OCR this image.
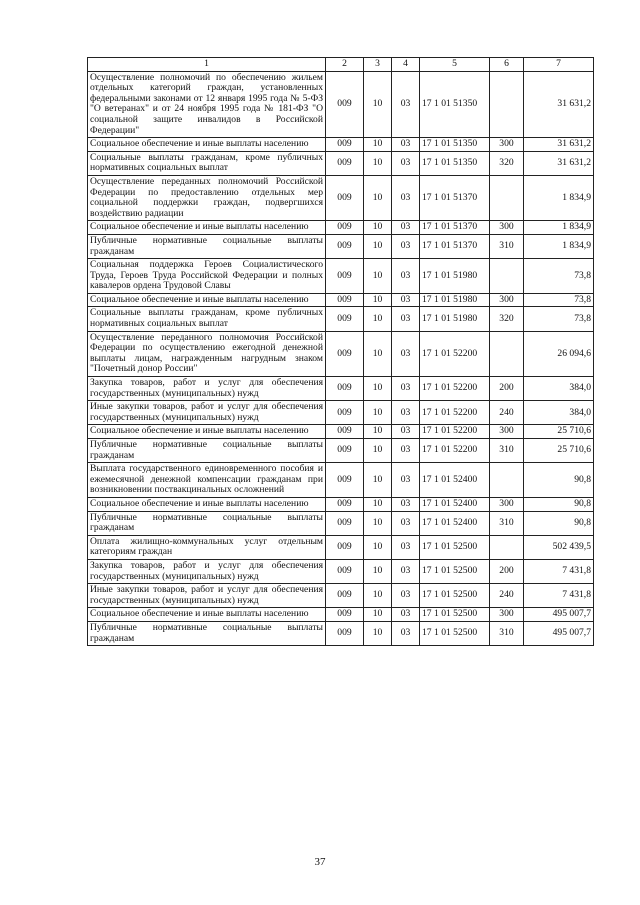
1	2	3	4	5	6	7
Осуществление полномочий по обеспечению жильем отдельных категорий граждан, установленных федеральными законами от 12 января 1995 года № 5-ФЗ "О ветеранах" и от 24 ноября 1995 года № 181-ФЗ "О социальной защите инвалидов в Российской Федерации"	009	10	03	17 1 01 51350		31 631,2
Социальное обеспечение и иные выплаты населению	009	10	03	17 1 01 51350	300	31 631,2
Социальные выплаты гражданам, кроме публичных нормативных социальных выплат	009	10	03	17 1 01 51350	320	31 631,2
Осуществление переданных полномочий Российской Федерации по предоставлению отдельных мер социальной поддержки граждан, подвергшихся воздействию радиации	009	10	03	17 1 01 51370		1 834,9
Социальное обеспечение и иные выплаты населению	009	10	03	17 1 01 51370	300	1 834,9
Публичные нормативные социальные выплаты гражданам	009	10	03	17 1 01 51370	310	1 834,9
Социальная поддержка Героев Социалистического Труда, Героев Труда Российской Федерации и полных кавалеров ордена Трудовой Славы	009	10	03	17 1 01 51980		73,8
Социальное обеспечение и иные выплаты населению	009	10	03	17 1 01 51980	300	73,8
Социальные выплаты гражданам, кроме публичных нормативных социальных выплат	009	10	03	17 1 01 51980	320	73,8
Осуществление переданного полномочия Российской Федерации по осуществлению ежегодной денежной выплаты лицам, награжденным нагрудным знаком "Почетный донор России"	009	10	03	17 1 01 52200		26 094,6
Закупка товаров, работ и услуг для обеспечения государственных (муниципальных) нужд	009	10	03	17 1 01 52200	200	384,0
Иные закупки товаров, работ и услуг для обеспечения государственных (муниципальных) нужд	009	10	03	17 1 01 52200	240	384,0
Социальное обеспечение и иные выплаты населению	009	10	03	17 1 01 52200	300	25 710,6
Публичные нормативные социальные выплаты гражданам	009	10	03	17 1 01 52200	310	25 710,6
Выплата государственного единовременного пособия и ежемесячной денежной компенсации гражданам при возникновении поствакцинальных осложнений	009	10	03	17 1 01 52400		90,8
Социальное обеспечение и иные выплаты населению	009	10	03	17 1 01 52400	300	90,8
Публичные нормативные социальные выплаты гражданам	009	10	03	17 1 01 52400	310	90,8
Оплата жилищно-коммунальных услуг отдельным категориям граждан	009	10	03	17 1 01 52500		502 439,5
Закупка товаров, работ и услуг для обеспечения государственных (муниципальных) нужд	009	10	03	17 1 01 52500	200	7 431,8
Иные закупки товаров, работ и услуг для обеспечения государственных (муниципальных) нужд	009	10	03	17 1 01 52500	240	7 431,8
Социальное обеспечение и иные выплаты населению	009	10	03	17 1 01 52500	300	495 007,7
Публичные нормативные социальные выплаты гражданам	009	10	03	17 1 01 52500	310	495 007,7
37
